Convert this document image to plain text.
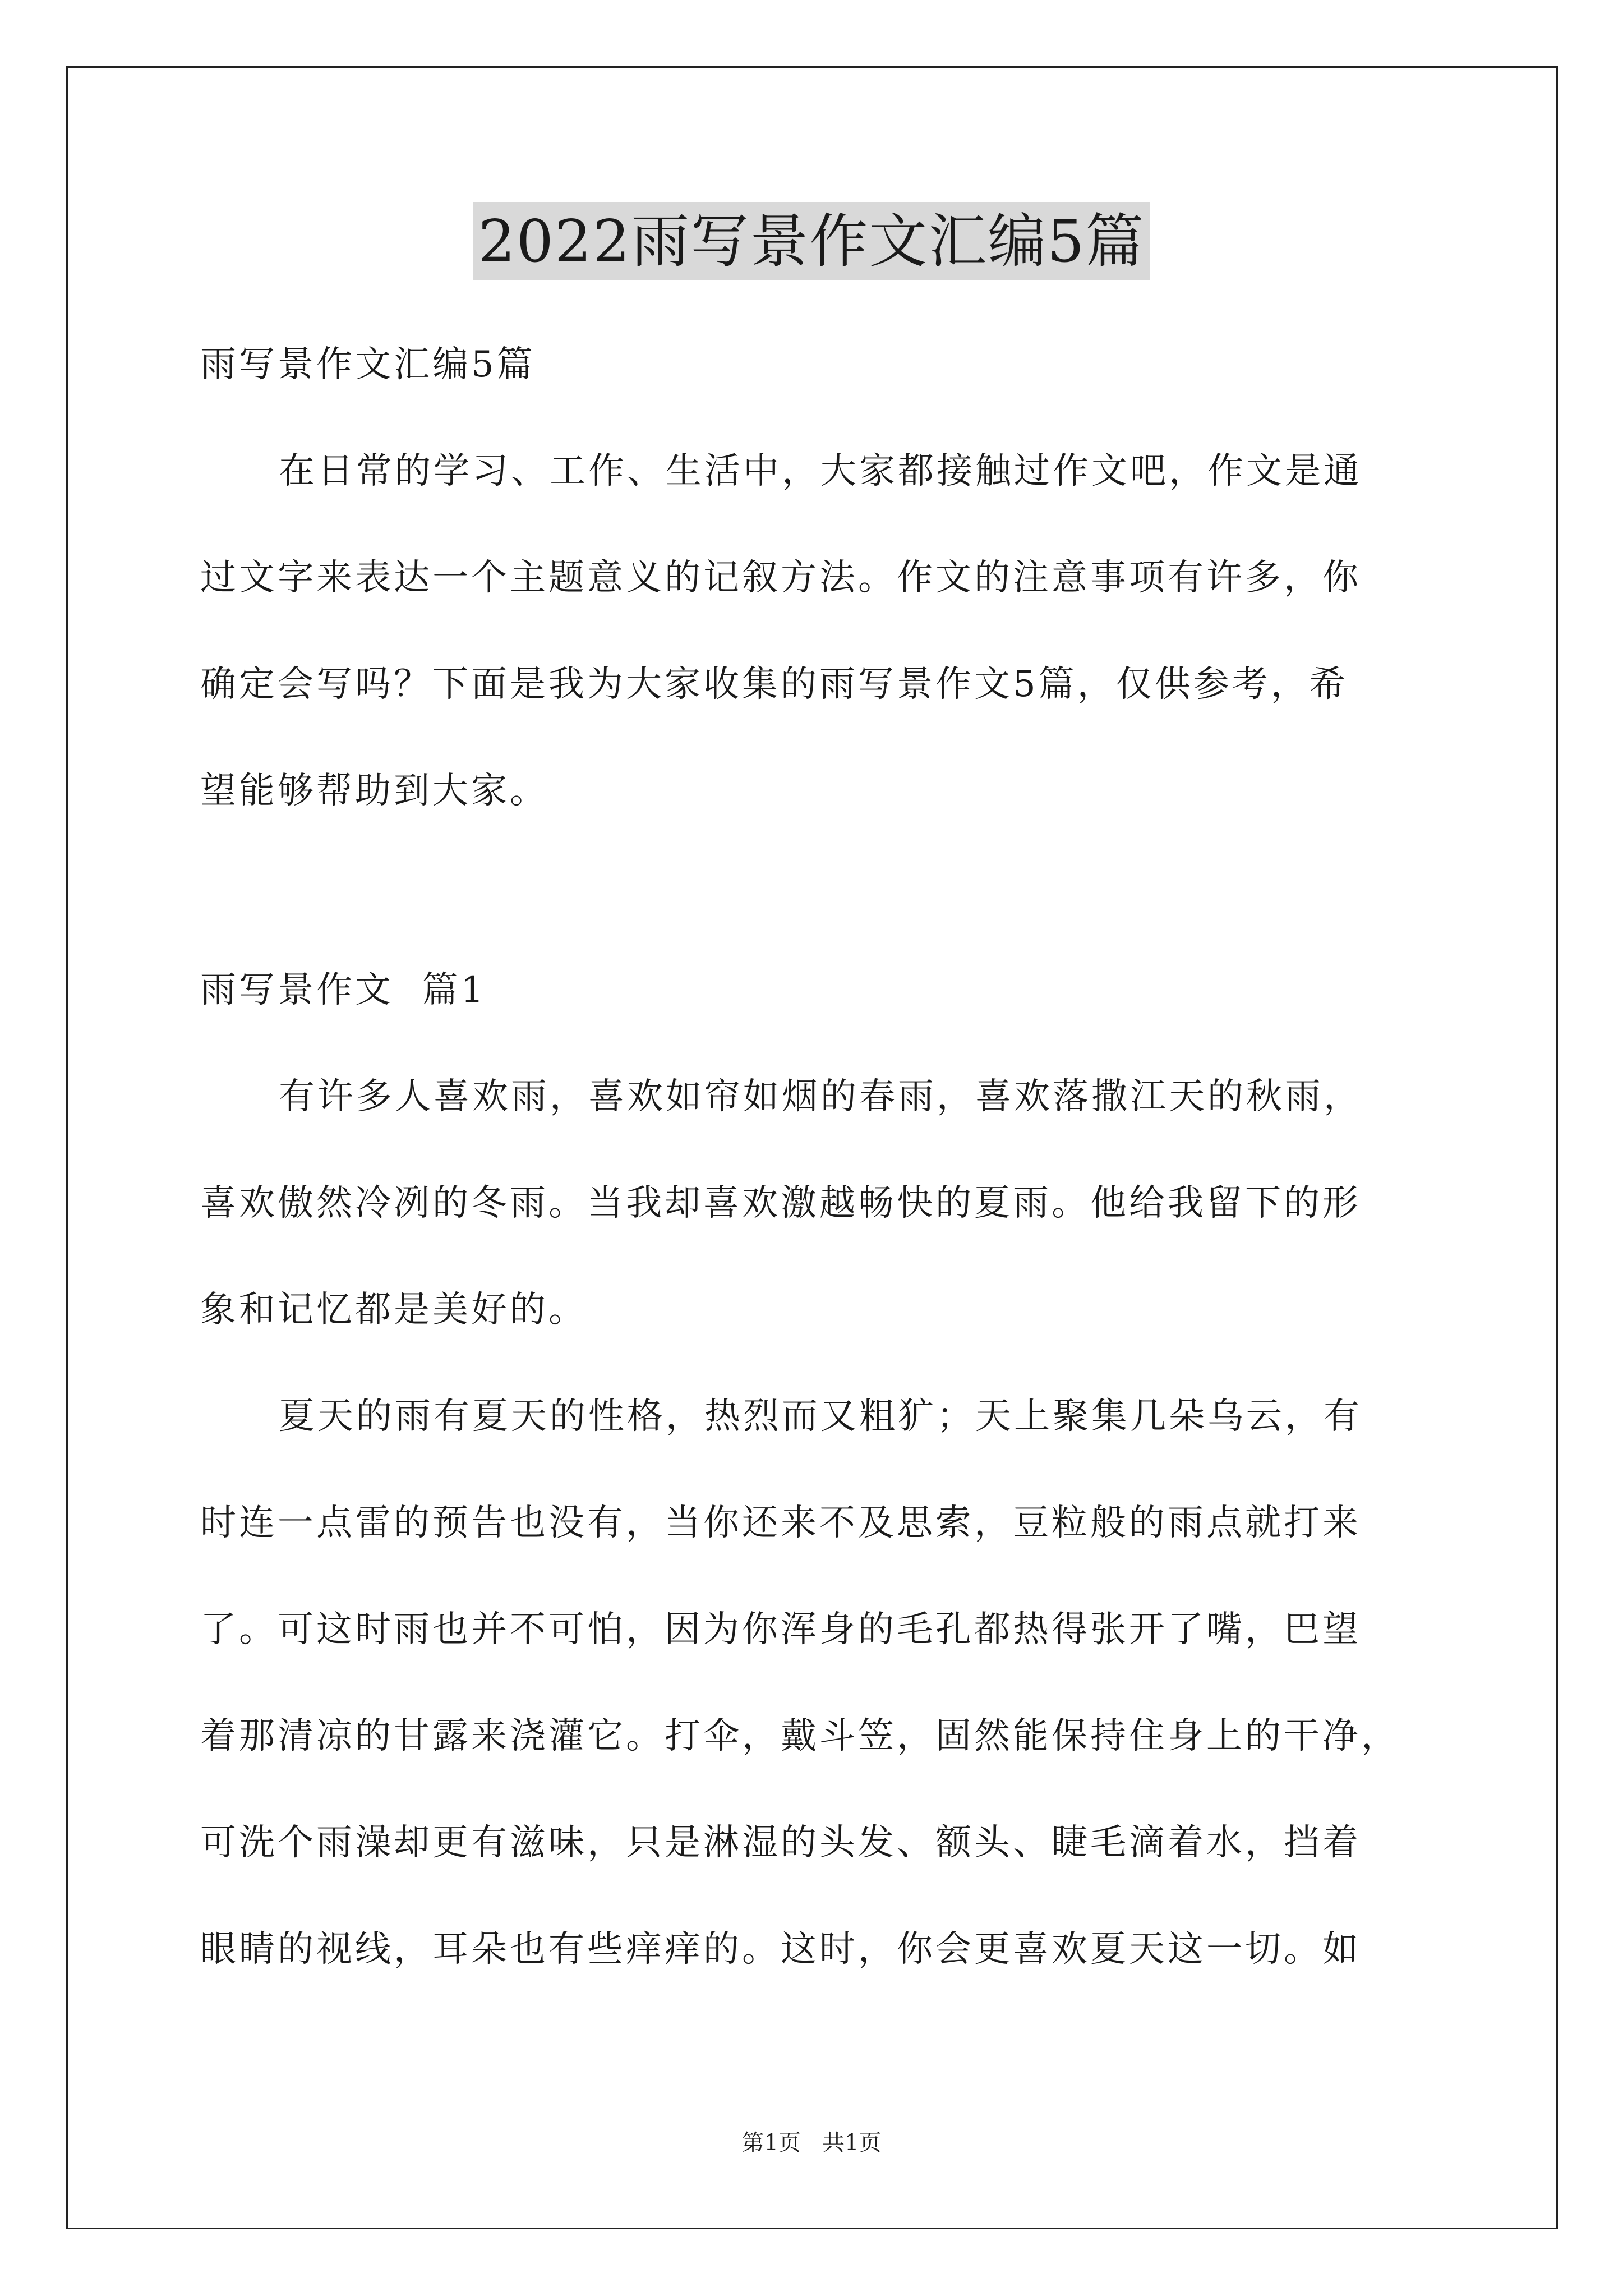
2022雨写景作文汇编5篇
雨写景作文汇编5篇
在日常的学习、工作、生活中，大家都接触过作文吧，作文是通
过文字来表达一个主题意义的记叙方法。作文的注意事项有许多，你
确定会写吗？下面是我为大家收集的雨写景作文5篇，仅供参考，希
望能够帮助到大家。
雨写景作文  篇1
有许多人喜欢雨，喜欢如帘如烟的春雨，喜欢落撒江天的秋雨，
喜欢傲然冷冽的冬雨。当我却喜欢激越畅快的夏雨。他给我留下的形
象和记忆都是美好的。
夏天的雨有夏天的性格，热烈而又粗犷；天上聚集几朵乌云，有
时连一点雷的预告也没有，当你还来不及思索，豆粒般的雨点就打来
了。可这时雨也并不可怕，因为你浑身的毛孔都热得张开了嘴，巴望
着那清凉的甘露来浇灌它。打伞，戴斗笠，固然能保持住身上的干净，
可洗个雨澡却更有滋味，只是淋湿的头发、额头、睫毛滴着水，挡着
眼睛的视线，耳朵也有些痒痒的。这时，你会更喜欢夏天这一切。如
第1页   共1页
